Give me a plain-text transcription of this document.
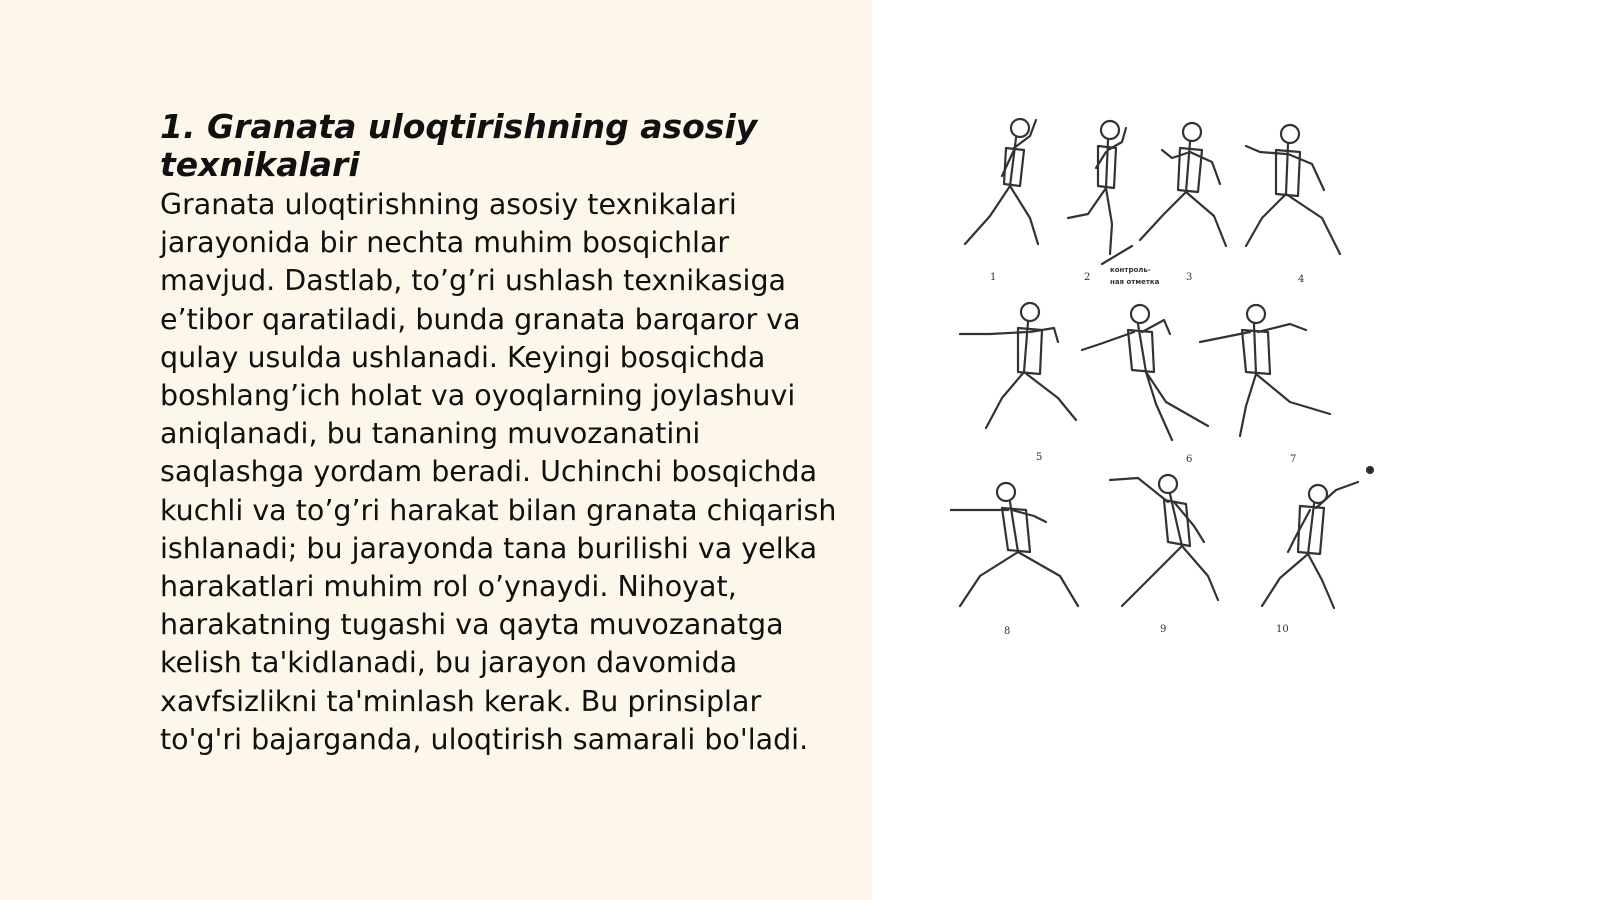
1. Granata uloqtirishning asosiy texnikalari

Granata uloqtirishning asosiy texnikalari jarayonida bir nechta muhim bosqichlar mavjud. Dastlab, to’g’ri ushlash texnikasiga e’tibor qaratiladi, bunda granata barqaror va qulay usulda ushlanadi. Keyingi bosqichda boshlang’ich holat va oyoqlarning joylashuvi aniqlanadi, bu tananing muvozanatini saqlashga yordam beradi. Uchinchi bosqichda kuchli va to’g’ri harakat bilan granata chiqarish ishlanadi; bu jarayonda tana burilishi va yelka harakatlari muhim rol o’ynaydi. Nihoyat, harakatning tugashi va qayta muvozanatga kelish ta'kidlanadi, bu jarayon davomida xavfsizlikni ta'minlash kerak. Bu prinsiplar to'g'ri bajarganda, uloqtirish samarali bo'ladi.

1	2	3	4
5	6	7
8	9	10
контроль-
ная отметка
